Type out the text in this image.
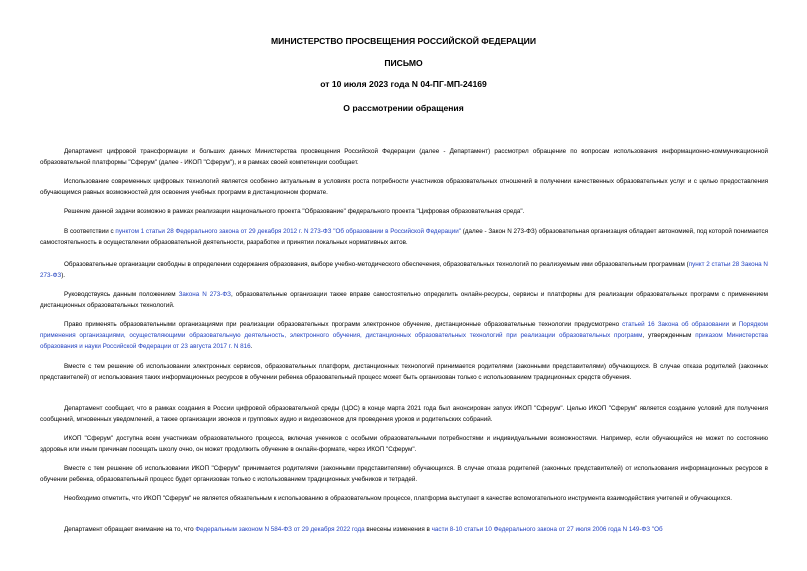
МИНИСТЕРСТВО ПРОСВЕЩЕНИЯ РОССИЙСКОЙ ФЕДЕРАЦИИ
ПИСЬМО
от 10 июля 2023 года N 04-ПГ-МП-24169
О рассмотрении обращения

Департамент цифровой трансформации и больших данных Министерства просвещения Российской Федерации (далее - Департамент) рассмотрел обращение по вопросам использования информационно-коммуникационной образовательной платформы "Сферум" (далее - ИКОП "Сферум"), и в рамках своей компетенции сообщает.

Использование современных цифровых технологий является особенно актуальным в условиях роста потребности участников образовательных отношений в получении качественных образовательных услуг и с целью предоставления обучающимся равных возможностей для освоения учебных программ в дистанционном формате.

Решение данной задачи возможно в рамках реализации национального проекта "Образование" федерального проекта "Цифровая образовательная среда".

В соответствии с пунктом 1 статьи 28 Федерального закона от 29 декабря 2012 г. N 273-ФЗ "Об образовании в Российской Федерации" (далее - Закон N 273-ФЗ) образовательная организация обладает автономией, под которой понимается самостоятельность в осуществлении образовательной деятельности, разработке и принятии локальных нормативных актов.

Образовательные организации свободны в определении содержания образования, выборе учебно-методического обеспечения, образовательных технологий по реализуемым ими образовательным программам (пункт 2 статьи 28 Закона N 273-ФЗ).

Руководствуясь данным положением Закона N 273-ФЗ, образовательные организации также вправе самостоятельно определить онлайн-ресурсы, сервисы и платформы для реализации образовательных программ с применением дистанционных образовательных технологий.

Право применять образовательными организациями при реализации образовательных программ электронное обучение, дистанционные образовательные технологии предусмотрено статьей 16 Закона об образовании и Порядком применения организациями, осуществляющими образовательную деятельность, электронного обучения, дистанционных образовательных технологий при реализации образовательных программ, утвержденным приказом Министерства образования и науки Российской Федерации от 23 августа 2017 г. N 816.

Вместе с тем решение об использовании электронных сервисов, образовательных платформ, дистанционных технологий принимается родителями (законными представителями) обучающихся. В случае отказа родителей (законных представителей) от использования таких информационных ресурсов в обучении ребенка образовательный процесс может быть организован только с использованием традиционных средств обучения.

Департамент сообщает, что в рамках создания в России цифровой образовательной среды (ЦОС) в конце марта 2021 года был анонсирован запуск ИКОП "Сферум". Целью ИКОП "Сферум" является создание условий для получения сообщений, мгновенных уведомлений, а также организации звонков и групповых аудио и видеозвонков для проведения уроков и родительских собраний.

ИКОП "Сферум" доступна всем участникам образовательного процесса, включая учеников с особыми образовательными потребностями и индивидуальными возможностями. Например, если обучающийся не может по состоянию здоровья или иным причинам посещать школу очно, он может продолжить обучение в онлайн-формате, через ИКОП "Сферум".

Вместе с тем решение об использовании ИКОП "Сферум" принимается родителями (законными представителями) обучающихся. В случае отказа родителей (законных представителей) от использования информационных ресурсов в обучении ребенка, образовательный процесс будет организован только с использованием традиционных учебников и тетрадей.

Необходимо отметить, что ИКОП "Сферум" не является обязательным к использованию в образовательном процессе, платформа выступает в качестве вспомогательного инструмента взаимодействия учителей и обучающихся.

Департамент обращает внимание на то, что Федеральным законом N 584-ФЗ от 29 декабря 2022 года внесены изменения в части 8-10 статьи 10 Федерального закона от 27 июля 2006 года N 149-ФЗ "Об
